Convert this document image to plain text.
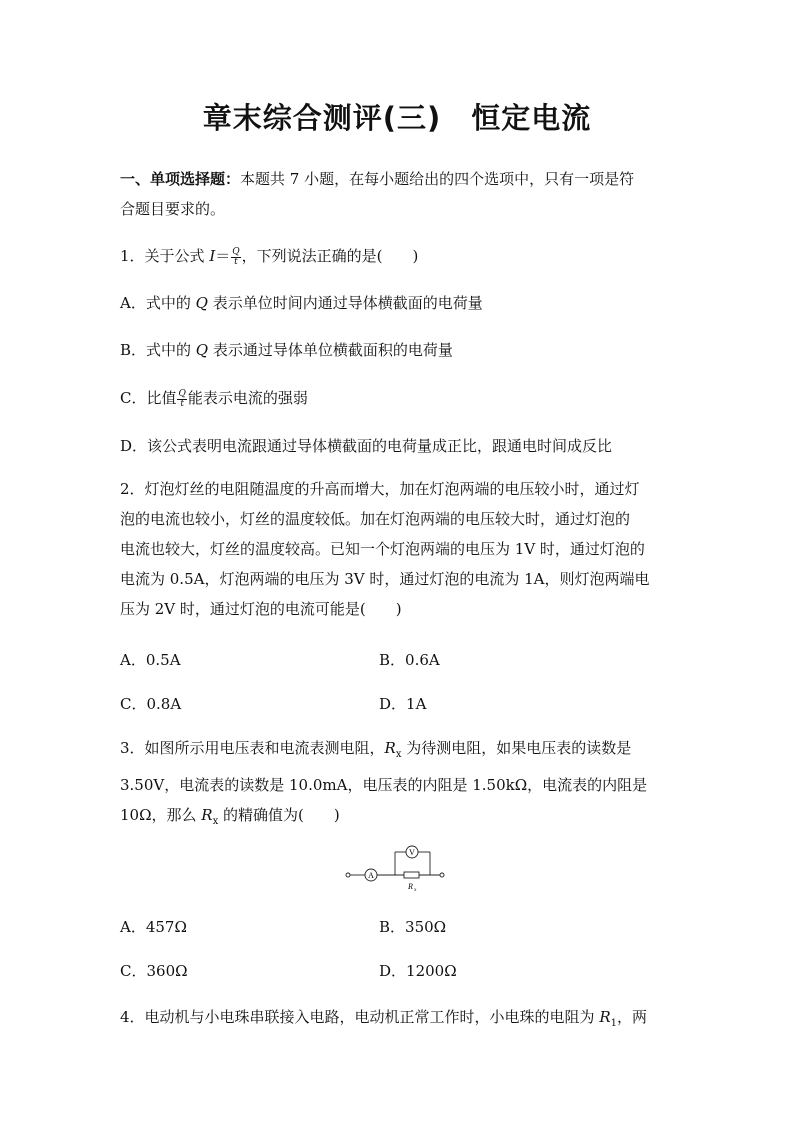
章末综合测评(三) 恒定电流
一、单项选择题：本题共 7 小题，在每小题给出的四个选项中，只有一项是符
合题目要求的。
1．关于公式 $I= \frac{Q}{t}$ ，下列说法正确的是(　　)
A．式中的 Q 表示单位时间内通过导体横截面的电荷量
B．式中的 Q 表示通过导体单位横截面积的电荷量
C．比值 $\frac{Q}{t}$ 能表示电流的强弱
D．该公式表明电流跟通过导体横截面的电荷量成正比，跟通电时间成反比
2．灯泡灯丝的电阻随温度的升高而增大，加在灯泡两端的电压较小时，通过灯
泡的电流也较小，灯丝的温度较低。加在灯泡两端的电压较大时，通过灯泡的
电流也较大，灯丝的温度较高。已知一个灯泡两端的电压为 1V 时，通过灯泡的
电流为 0.5A，灯泡两端的电压为 3V 时，通过灯泡的电流为 1A，则灯泡两端电
压为 2V 时，通过灯泡的电流可能是(　　)
A．0.5A	B．0.6A
C．0.8A	D．1A
3．如图所示用电压表和电流表测电阻，$R_x$ 为待测电阻，如果电压表的读数是
3.50V，电流表的读数是 10.0mA，电压表的内阻是 1.50kΩ，电流表的内阻是
10Ω，那么 $R_x$ 的精确值为(　　)
A
V
R x
A．457Ω	B．350Ω
C．360Ω	D．1200Ω
4．电动机与小电珠串联接入电路，电动机正常工作时，小电珠的电阻为 $R_1$，两
